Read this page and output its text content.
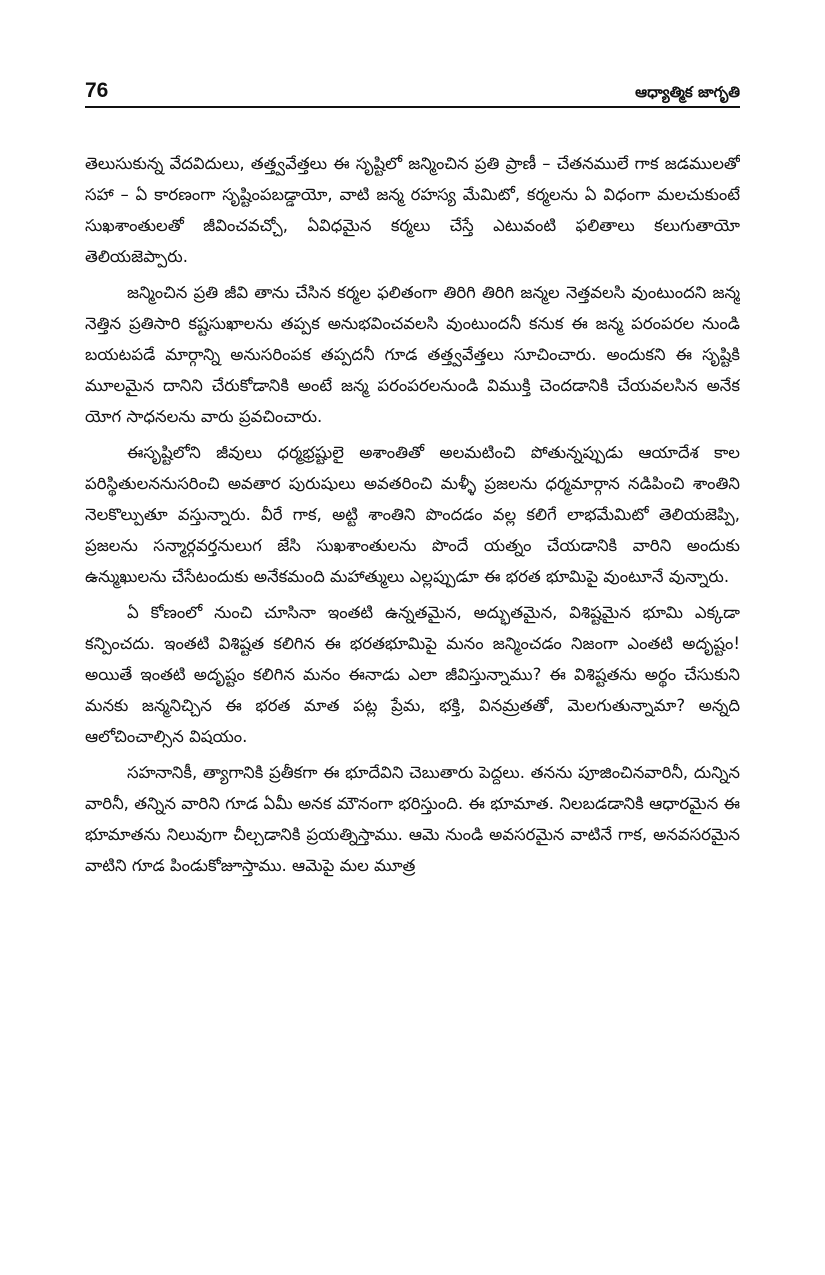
76	ఆధ్యాత్మిక జాగృతి

తెలుసుకున్న వేదవిదులు, తత్త్వవేత్తలు ఈ సృష్టిలో జన్మించిన ప్రతి ప్రాణీ – చేతనములే గాక జడములతో సహా – ఏ కారణంగా సృష్టింపబడ్డాయో, వాటి జన్మ రహస్య మేమిటో, కర్మలను ఏ విధంగా మలచుకుంటే సుఖశాంతులతో జీవించవచ్చో, ఏవిధమైన కర్మలు చేస్తే ఎటువంటి ఫలితాలు కలుగుతాయో తెలియజెప్పారు.

జన్మించిన ప్రతి జీవి తాను చేసిన కర్మల ఫలితంగా తిరిగి తిరిగి జన్మల నెత్తవలసి వుంటుందని జన్మ నెత్తిన ప్రతిసారి కష్టసుఖాలను తప్పక అనుభవించవలసి వుంటుందనీ కనుక ఈ జన్మ పరంపరల నుండి బయటపడే మార్గాన్ని అనుసరింపక తప్పదనీ గూడ తత్త్వవేత్తలు సూచించారు. అందుకని ఈ సృష్టికి మూలమైన దానిని చేరుకోడానికి అంటే జన్మ పరంపరలనుండి విముక్తి చెందడానికి చేయవలసిన అనేక యోగ సాధనలను వారు ప్రవచించారు.

ఈసృష్టిలోని జీవులు ధర్మభ్రష్టులై అశాంతితో అలమటించి పోతున్నప్పుడు ఆయాదేశ కాల పరిస్థితులననుసరించి అవతార పురుషులు అవతరించి మళ్ళీ ప్రజలను ధర్మమార్గాన నడిపించి శాంతిని నెలకొల్పుతూ వస్తున్నారు. వీరే గాక, అట్టి శాంతిని పొందడం వల్ల కలిగే లాభమేమిటో తెలియజెప్పి, ప్రజలను సన్మార్గవర్తనులుగ జేసి సుఖశాంతులను పొందే యత్నం చేయడానికి వారిని అందుకు ఉన్ముఖులను చేసేటందుకు అనేకమంది మహాత్ములు ఎల్లప్పుడూ ఈ భరత భూమిపై వుంటూనే వున్నారు.

ఏ కోణంలో నుంచి చూసినా ఇంతటి ఉన్నతమైన, అద్భుతమైన, విశిష్టమైన భూమి ఎక్కడా కన్పించదు. ఇంతటి విశిష్టత కలిగిన ఈ భరతభూమిపై మనం జన్మించడం నిజంగా ఎంతటి అదృష్టం! అయితే ఇంతటి అదృష్టం కలిగిన మనం ఈనాడు ఎలా జీవిస్తున్నాము? ఈ విశిష్టతను అర్థం చేసుకుని మనకు జన్మనిచ్చిన ఈ భరత మాత పట్ల ప్రేమ, భక్తి, వినమ్రతతో, మెలగుతున్నామా? అన్నది ఆలోచించాల్సిన విషయం.

సహనానికీ, త్యాగానికి ప్రతీకగా ఈ భూదేవిని చెబుతారు పెద్దలు. తనను పూజించినవారినీ, దున్నిన వారినీ, తన్నిన వారిని గూడ ఏమీ అనక మౌనంగా భరిస్తుంది. ఈ భూమాత. నిలబడడానికి ఆధారమైన ఈ భూమాతను నిలువుగా చీల్చడానికి ప్రయత్నిస్తాము. ఆమె నుండి అవసరమైన వాటినే గాక, అనవసరమైన వాటిని గూడ పిండుకోజూస్తాము. ఆమెపై మల మూత్ర
